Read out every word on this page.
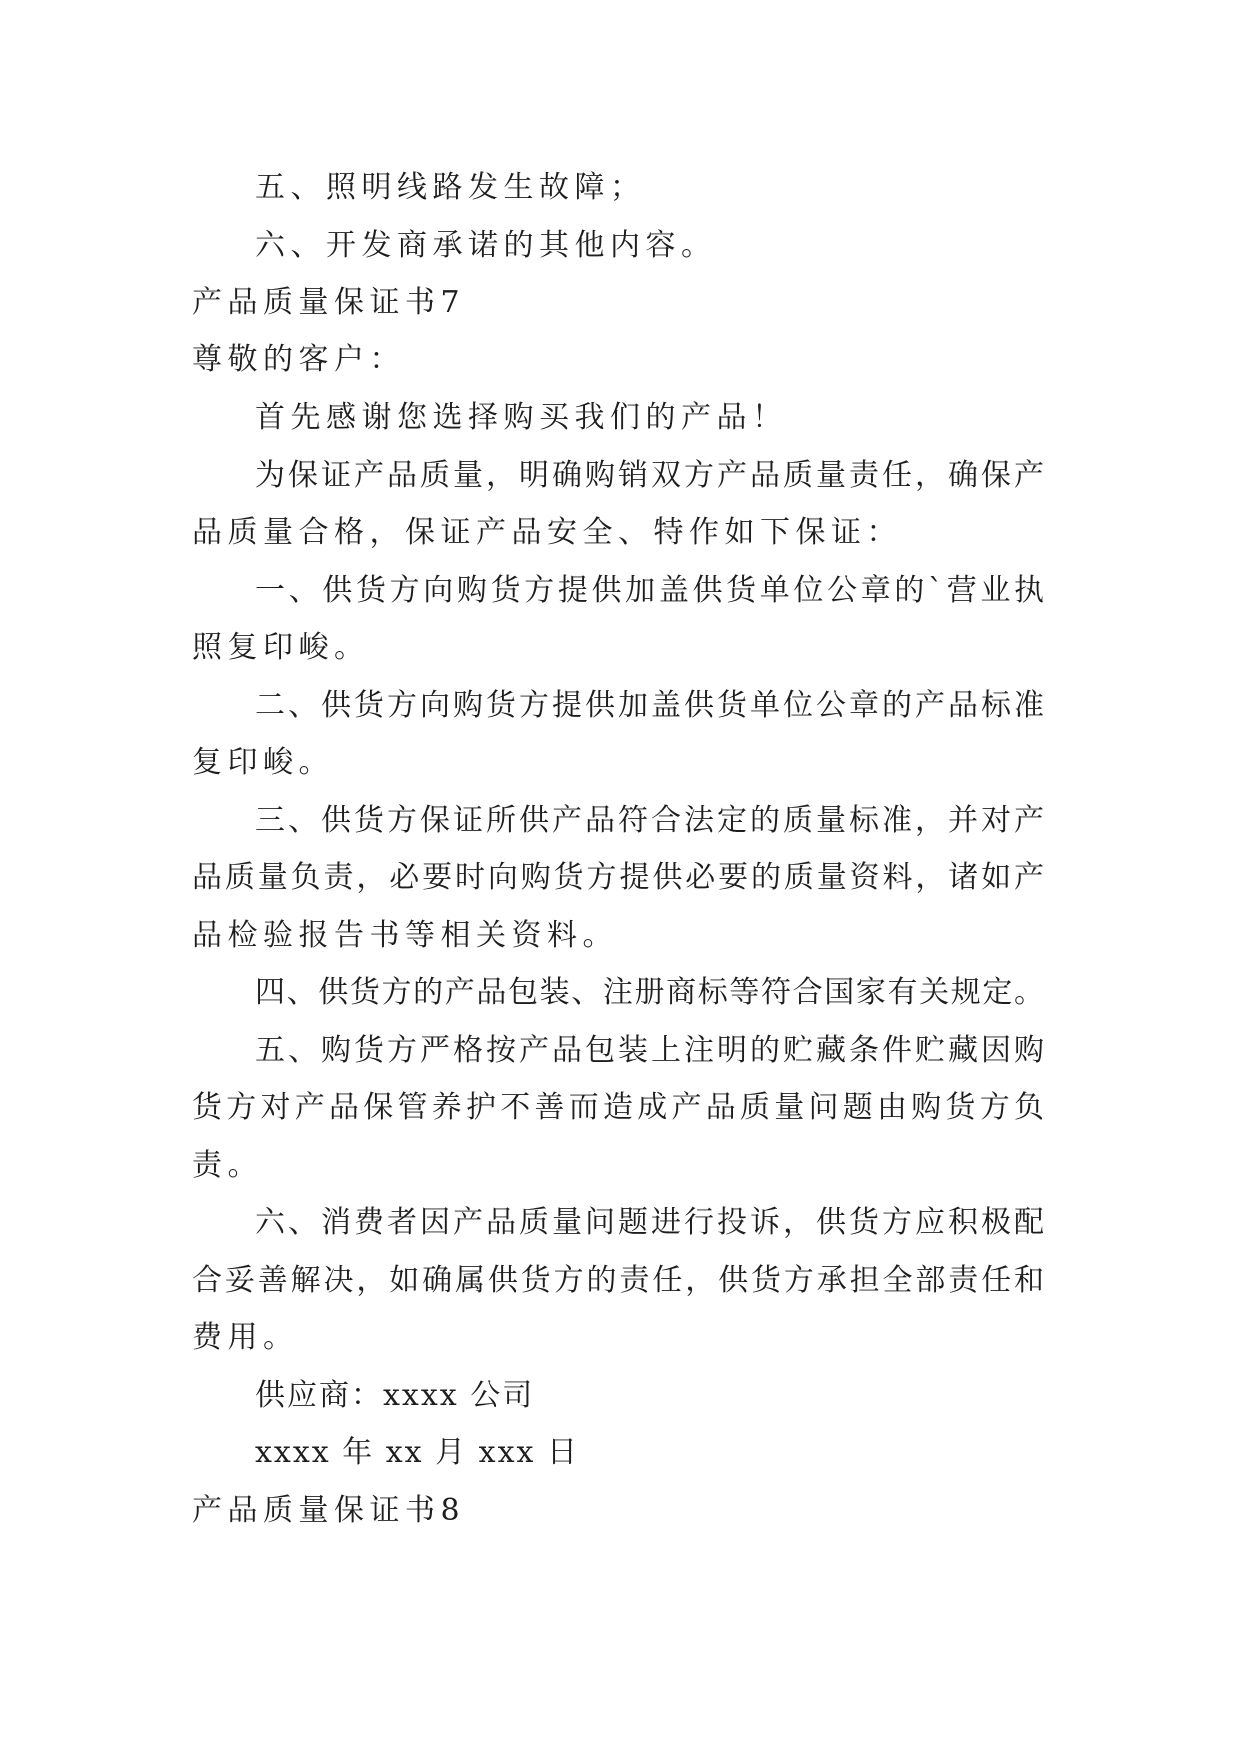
五、照明线路发生故障；
六、开发商承诺的其他内容。
产品质量保证书7
尊敬的客户：
首先感谢您选择购买我们的产品！
为保证产品质量，明确购销双方产品质量责任，确保产
品质量合格，保证产品安全、特作如下保证：
一、供货方向购货方提供加盖供货单位公章的`营业执
照复印峻。
二、供货方向购货方提供加盖供货单位公章的产品标准
复印峻。
三、供货方保证所供产品符合法定的质量标准，并对产
品质量负责，必要时向购货方提供必要的质量资料，诸如产
品检验报告书等相关资料。
四、供货方的产品包装、注册商标等符合国家有关规定。
五、购货方严格按产品包装上注明的贮藏条件贮藏因购
货方对产品保管养护不善而造成产品质量问题由购货方负
责。
六、消费者因产品质量问题进行投诉，供货方应积极配
合妥善解决，如确属供货方的责任，供货方承担全部责任和
费用。
供应商：xxxx 公司
xxxx 年 xx 月 xxx 日
产品质量保证书8
